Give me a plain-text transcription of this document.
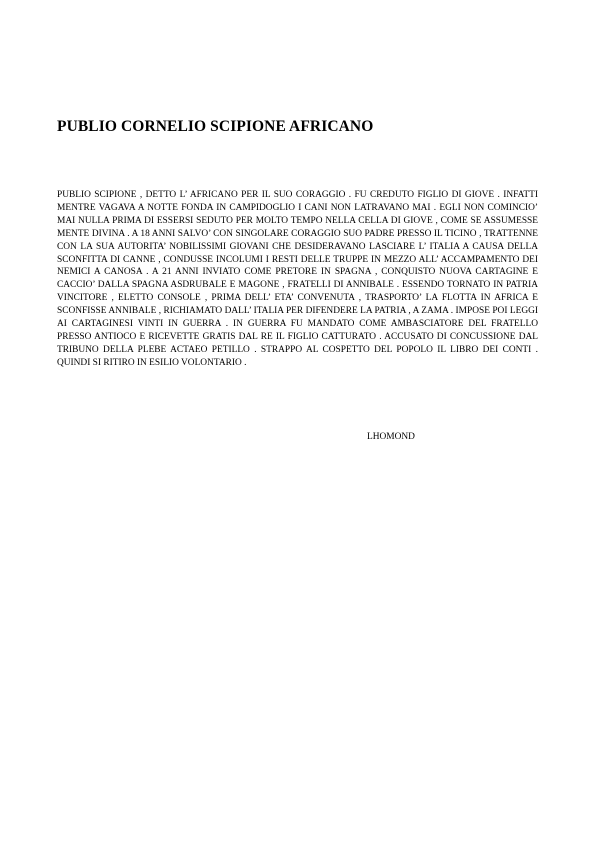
PUBLIO CORNELIO SCIPIONE AFRICANO

PUBLIO SCIPIONE , DETTO L’ AFRICANO PER IL SUO CORAGGIO . FU CREDUTO FIGLIO DI GIOVE . INFATTI MENTRE VAGAVA A NOTTE FONDA IN CAMPIDOGLIO I CANI NON LATRAVANO MAI . EGLI NON COMINCIO’ MAI NULLA PRIMA DI ESSERSI SEDUTO PER MOLTO TEMPO NELLA CELLA DI GIOVE , COME SE ASSUMESSE MENTE DIVINA . A 18 ANNI SALVO’ CON SINGOLARE CORAGGIO SUO PADRE PRESSO IL TICINO , TRATTENNE CON LA SUA AUTORITA’ NOBILISSIMI GIOVANI CHE DESIDERAVANO LASCIARE L’ ITALIA A CAUSA DELLA SCONFITTA DI CANNE , CONDUSSE INCOLUMI I RESTI DELLE TRUPPE IN MEZZO ALL’ ACCAMPAMENTO DEI NEMICI A CANOSA . A 21 ANNI INVIATO COME PRETORE IN SPAGNA , CONQUISTO NUOVA CARTAGINE E CACCIO’ DALLA SPAGNA ASDRUBALE E MAGONE , FRATELLI DI ANNIBALE . ESSENDO TORNATO IN PATRIA VINCITORE , ELETTO CONSOLE , PRIMA DELL’ ETA’ CONVENUTA , TRASPORTO’ LA FLOTTA IN AFRICA E SCONFISSE ANNIBALE , RICHIAMATO DALL’ ITALIA PER DIFENDERE LA PATRIA , A ZAMA . IMPOSE POI LEGGI AI CARTAGINESI VINTI IN GUERRA . IN GUERRA FU MANDATO COME AMBASCIATORE DEL FRATELLO PRESSO ANTIOCO E RICEVETTE GRATIS DAL RE IL FIGLIO CATTURATO . ACCUSATO DI CONCUSSIONE DAL TRIBUNO DELLA PLEBE ACTAEO PETILLO . STRAPPO AL COSPETTO DEL POPOLO IL LIBRO DEI CONTI . QUINDI SI RITIRO IN ESILIO VOLONTARIO .

LHOMOND
